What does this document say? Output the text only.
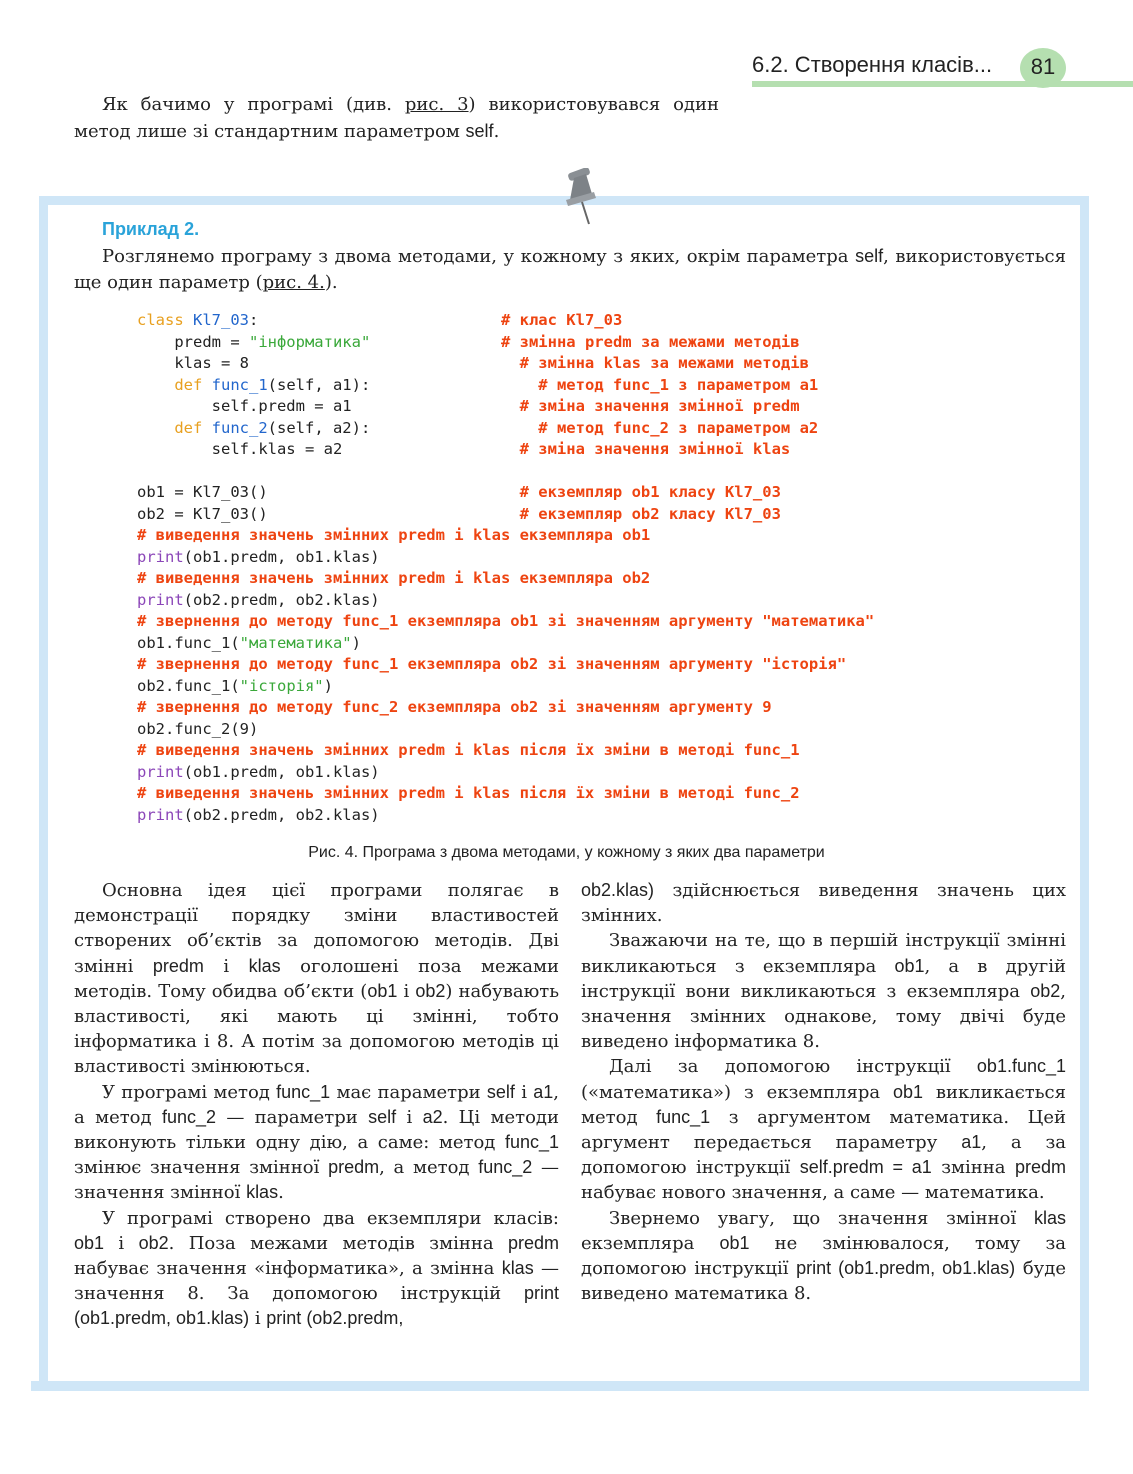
6.2. Створення класів...	81

Як бачимо у програмі (див. рис. 3) використовувався один метод лише зі стандартним параметром self.

Приклад 2.

Розглянемо програму з двома методами, у кожному з яких, окрім параметра self, використовується ще один параметр (рис. 4.).

class Kl7_03:                          # клас Kl7_03
predm = "інформатика"	# змінна predm за межами методів
klas = 8                             # змінна klas за межами методів
def func_1(self, a1):                  # метод func_1 з параметром a1
self.predm = a1                  # зміна значення змінної predm
def func_2(self, a2):                  # метод func_2 з параметром a2
self.klas = a2                   # зміна значення змінної klas

ob1 = Kl7_03()                           # екземпляр ob1 класу Kl7_03
ob2 = Kl7_03()                           # екземпляр ob2 класу Kl7_03
# виведення значень змінних predm і klas екземпляра ob1
print(ob1.predm, ob1.klas)
# виведення значень змінних predm і klas екземпляра ob2
print(ob2.predm, ob2.klas)
# звернення до методу func_1 екземпляра ob1 зі значенням аргументу "математика"
ob1.func_1("математика")
# звернення до методу func_1 екземпляра ob2 зі значенням аргументу "історія"
ob2.func_1("історія")
# звернення до методу func_2 екземпляра ob2 зі значенням аргументу 9
ob2.func_2(9)
# виведення значень змінних predm і klas після їх зміни в методі func_1
print(ob1.predm, ob1.klas)
# виведення значень змінних predm і klas після їх зміни в методі func_2
print(ob2.predm, ob2.klas)
Рис. 4. Програма з двома методами, у кожному з яких два параметри

Основна ідея цієї програми полягає в демонстрації порядку зміни властивостей створених об’єктів за допомогою методів. Дві змінні predm і klas оголошені поза межами методів. Тому обидва об’єкти (ob1 і ob2) набувають властивості, які мають ці змінні, тобто інформатика і 8. А потім за допомогою методів ці властивості змінюються.

У програмі метод func_1 має параметри self і a1, а метод func_2 — параметри self і a2. Ці методи виконують тільки одну дію, а саме: метод func_1 змінює значення змінної predm, а метод func_2 — значення змінної klas.

У програмі створено два екземпляри класів: ob1 і ob2. Поза межами методів змінна predm набуває значення «інформатика», а змінна klas — значення 8. За допомогою інструкцій print (ob1.predm, ob1.klas) і print (ob2.predm,

ob2.klas) здійснюється виведення значень цих змінних.

Зважаючи на те, що в першій інструкції змінні викликаються з екземпляра ob1, а в другій інструкції вони викликаються з екземпляра ob2, значення змінних однакове, тому двічі буде виведено інформатика 8.

Далі за допомогою інструкції ob1.func_1 («математика») з екземпляра ob1 викликається метод func_1 з аргументом математика. Цей аргумент передається параметру a1, а за допомогою інструкції self.predm = a1 змінна predm набуває нового значення, а саме — математика.

Звернемо увагу, що значення змінної klas екземпляра ob1 не змінювалося, тому за допомогою інструкції print (ob1.predm, ob1.klas) буде виведено математика 8.
